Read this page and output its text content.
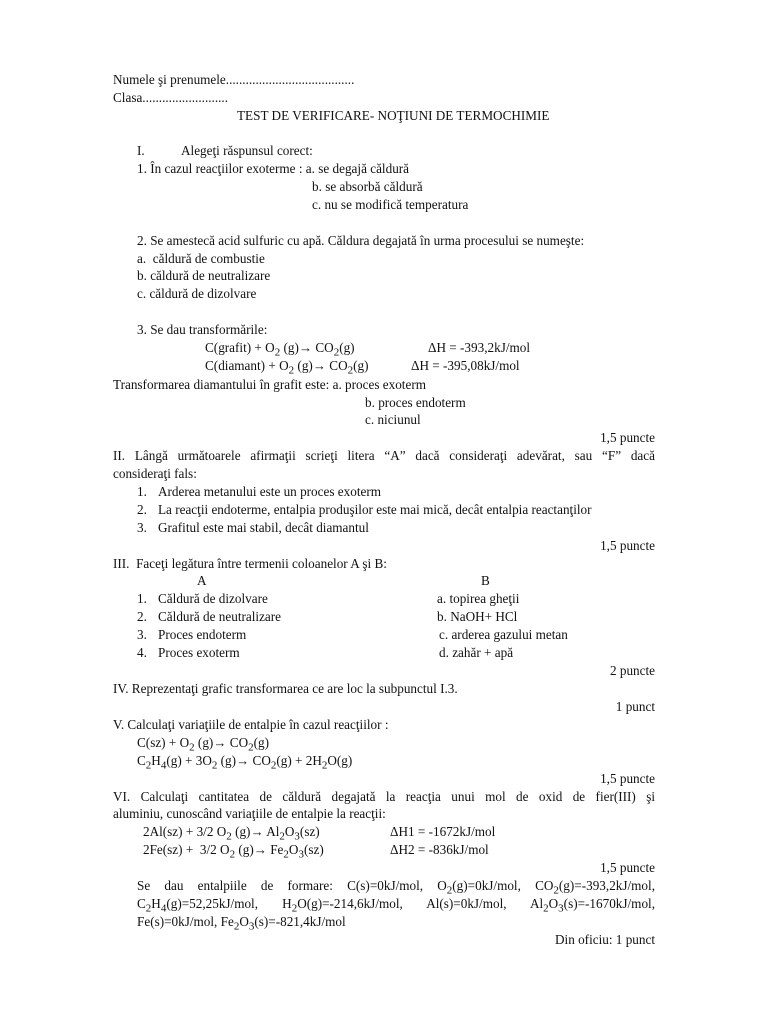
Numele şi prenumele.......................................
Clasa..........................
TEST DE VERIFICARE- NOŢIUNI DE TERMOCHIMIE
I.	Alegeţi răspunsul corect:
1. În cazul reacţiilor exoterme : a. se degajă căldură
b. se absorbă căldură
c. nu se modifică temperatura
2. Se amestecă acid sulfuric cu apă. Căldura degajată în urma procesului se numeşte:
a.  căldură de combustie
b. căldură de neutralizare
c. căldură de dizolvare
3. Se dau transformările:
C(grafit) + $O_2$ $(g)\to CO_2(g)$	ΔH = -393,2kJ/mol
C(diamant) + $O_2$ $(g)\to CO_2(g)$	ΔH = -395,08kJ/mol
Transformarea diamantului în grafit este: a. proces exoterm
b. proces endoterm
c. niciunul
1,5 puncte
II. Lângă următoarele afirmaţii scrieţi litera “A” dacă consideraţi adevărat, sau “F” dacă
consideraţi fals:
1. Arderea metanului este un proces exoterm
2. La reacţii endoterme, entalpia produşilor este mai mică, decât entalpia reactanţilor
3. Grafitul este mai stabil, decât diamantul
1,5 puncte
III.  Faceţi legătura între termenii coloanelor A şi B:
A	B
1. Căldură de dizolvare	a. topirea gheţii
2. Căldură de neutralizare	b. NaOH+ HCl
3. Proces endoterm	c. arderea gazului metan
4. Proces exoterm	d. zahăr + apă
2 puncte
IV. Reprezentaţi grafic transformarea ce are loc la subpunctul I.3.
1 punct
V. Calculaţi variaţiile de entalpie în cazul reacţiilor :
$C(sz) + O_2$ $(g)\to CO_2(g)$
$C_2H_4(g) + 3O_2$ $(g)\to CO_2(g) + 2H_2O(g)$
1,5 puncte
VI. Calculaţi cantitatea de căldură degajată la reacţia unui mol de oxid de fier(III) şi
aluminiu, cunoscând variaţiile de entalpie la reacţii:
2Al(sz) + 3/2 $O_2$ $(g)\to Al_2O_3(sz)$	ΔH1 = -1672kJ/mol
2Fe(sz) +  3/2 $O_2$ $(g)\to Fe_2O_3(sz)$	ΔH2 = -836kJ/mol
1,5 puncte
Se dau entalpiile de formare: C(s)=0kJ/mol, $O_2(g)=0kJ$/mol, $CO_2(g)=-393,2kJ$/mol,
$C_2H_4(g)=52,25kJ$/mol, $H_2O(g)=-214,6kJ$/mol, Al(s)=0kJ/mol, $Al_2O_3(s)=-1670kJ$/mol,
Fe(s)=0kJ/mol, $Fe_2O_3(s)=-821,4kJ$/mol
Din oficiu: 1 punct
